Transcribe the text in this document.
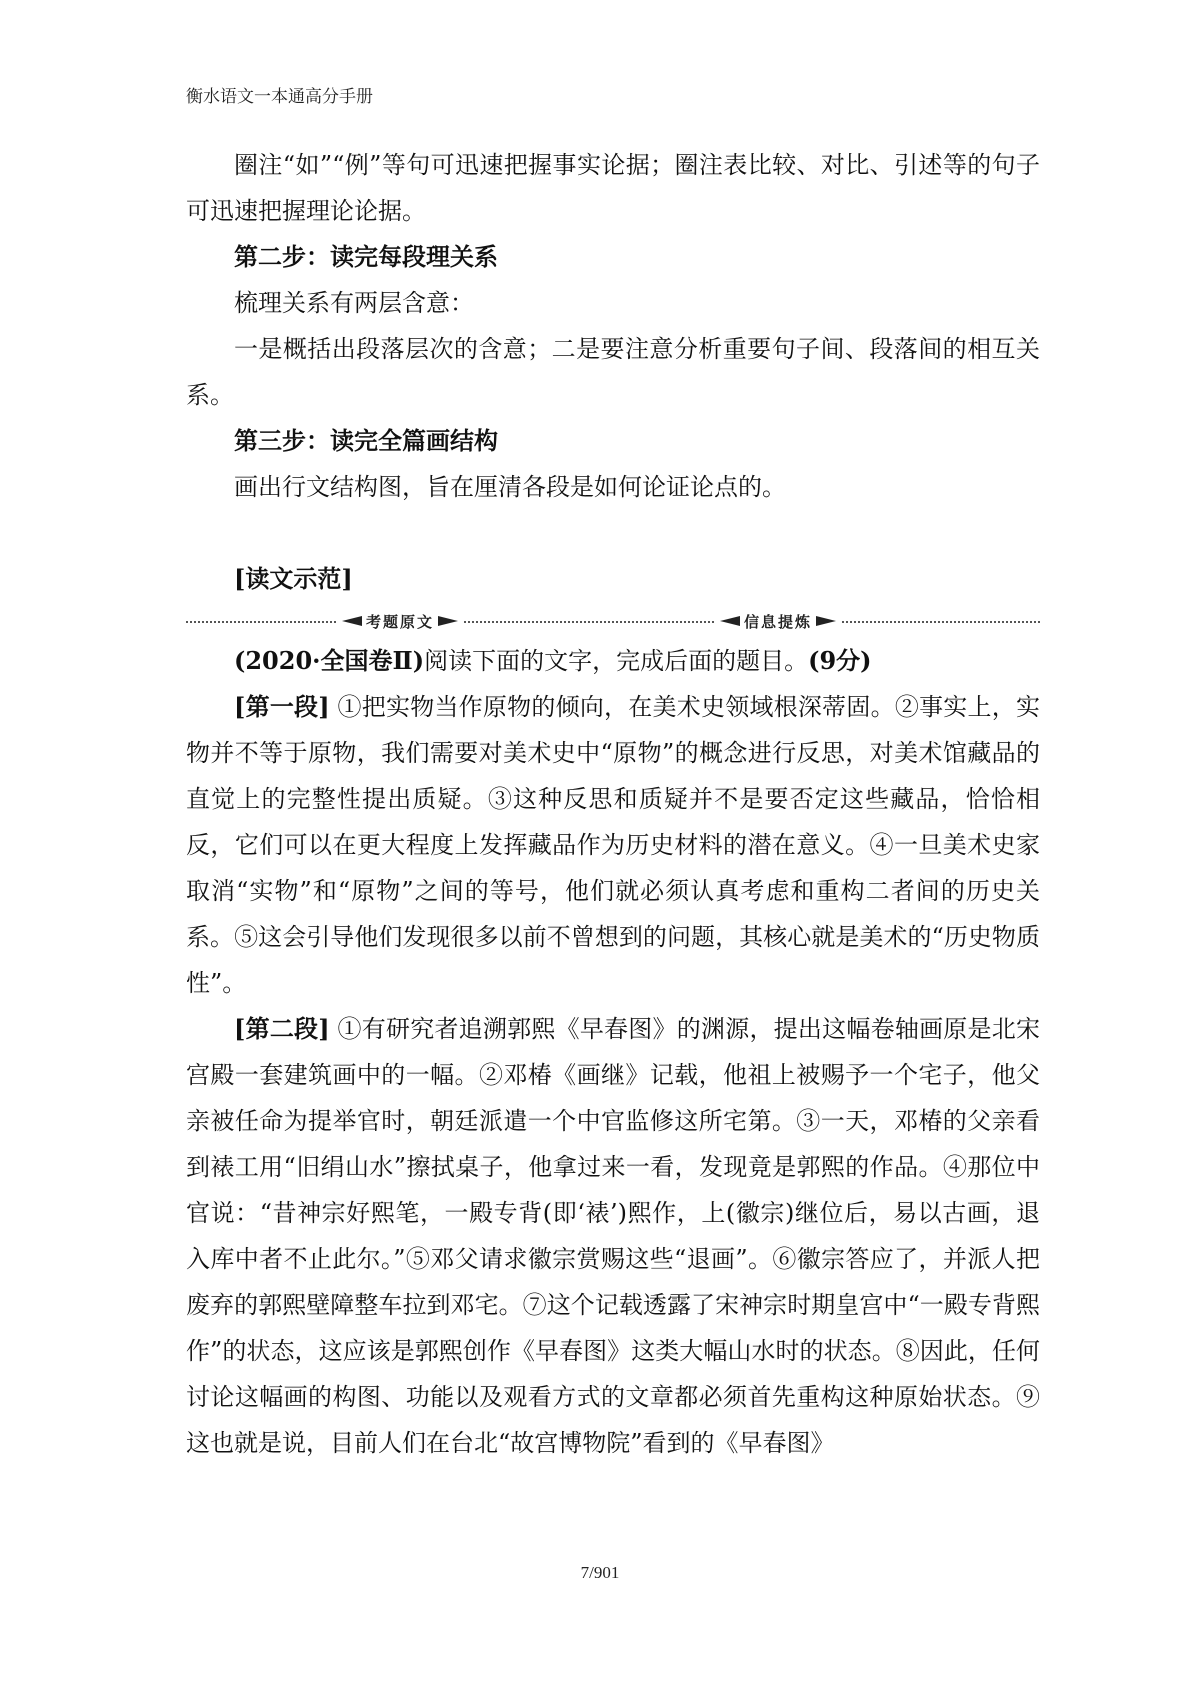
衡水语文一本通高分手册

圈注“如”“例”等句可迅速把握事实论据；圈注表比较、对比、引述等的句子可迅速把握理论论据。

第二步：读完每段理关系

梳理关系有两层含意：

一是概括出段落层次的含意；二是要注意分析重要句子间、段落间的相互关系。

第三步：读完全篇画结构

画出行文结构图，旨在厘清各段是如何论证论点的。

[读文示范]

考题原文	信息提炼

(2020·全国卷Ⅱ)阅读下面的文字，完成后面的题目。(9分)

[第一段] ①把实物当作原物的倾向，在美术史领域根深蒂固。②事实上，实物并不等于原物，我们需要对美术史中“原物”的概念进行反思，对美术馆藏品的直觉上的完整性提出质疑。③这种反思和质疑并不是要否定这些藏品，恰恰相反，它们可以在更大程度上发挥藏品作为历史材料的潜在意义。④一旦美术史家取消“实物”和“原物”之间的等号，他们就必须认真考虑和重构二者间的历史关系。⑤这会引导他们发现很多以前不曾想到的问题，其核心就是美术的“历史物质性”。

[第二段] ①有研究者追溯郭熙《早春图》的渊源，提出这幅卷轴画原是北宋宫殿一套建筑画中的一幅。②邓椿《画继》记载，他祖上被赐予一个宅子，他父亲被任命为提举官时，朝廷派遣一个中官监修这所宅第。③一天，邓椿的父亲看到裱工用“旧绢山水”擦拭桌子，他拿过来一看，发现竟是郭熙的作品。④那位中官说：“昔神宗好熙笔，一殿专背(即‘裱’)熙作，上(徽宗)继位后，易以古画，退入库中者不止此尔。”⑤邓父请求徽宗赏赐这些“退画”。⑥徽宗答应了，并派人把废弃的郭熙壁障整车拉到邓宅。⑦这个记载透露了宋神宗时期皇宫中“一殿专背熙作”的状态，这应该是郭熙创作《早春图》这类大幅山水时的状态。⑧因此，任何讨论这幅画的构图、功能以及观看方式的文章都必须首先重构这种原始状态。⑨这也就是说，目前人们在台北“故宫博物院”看到的《早春图》

7/901
